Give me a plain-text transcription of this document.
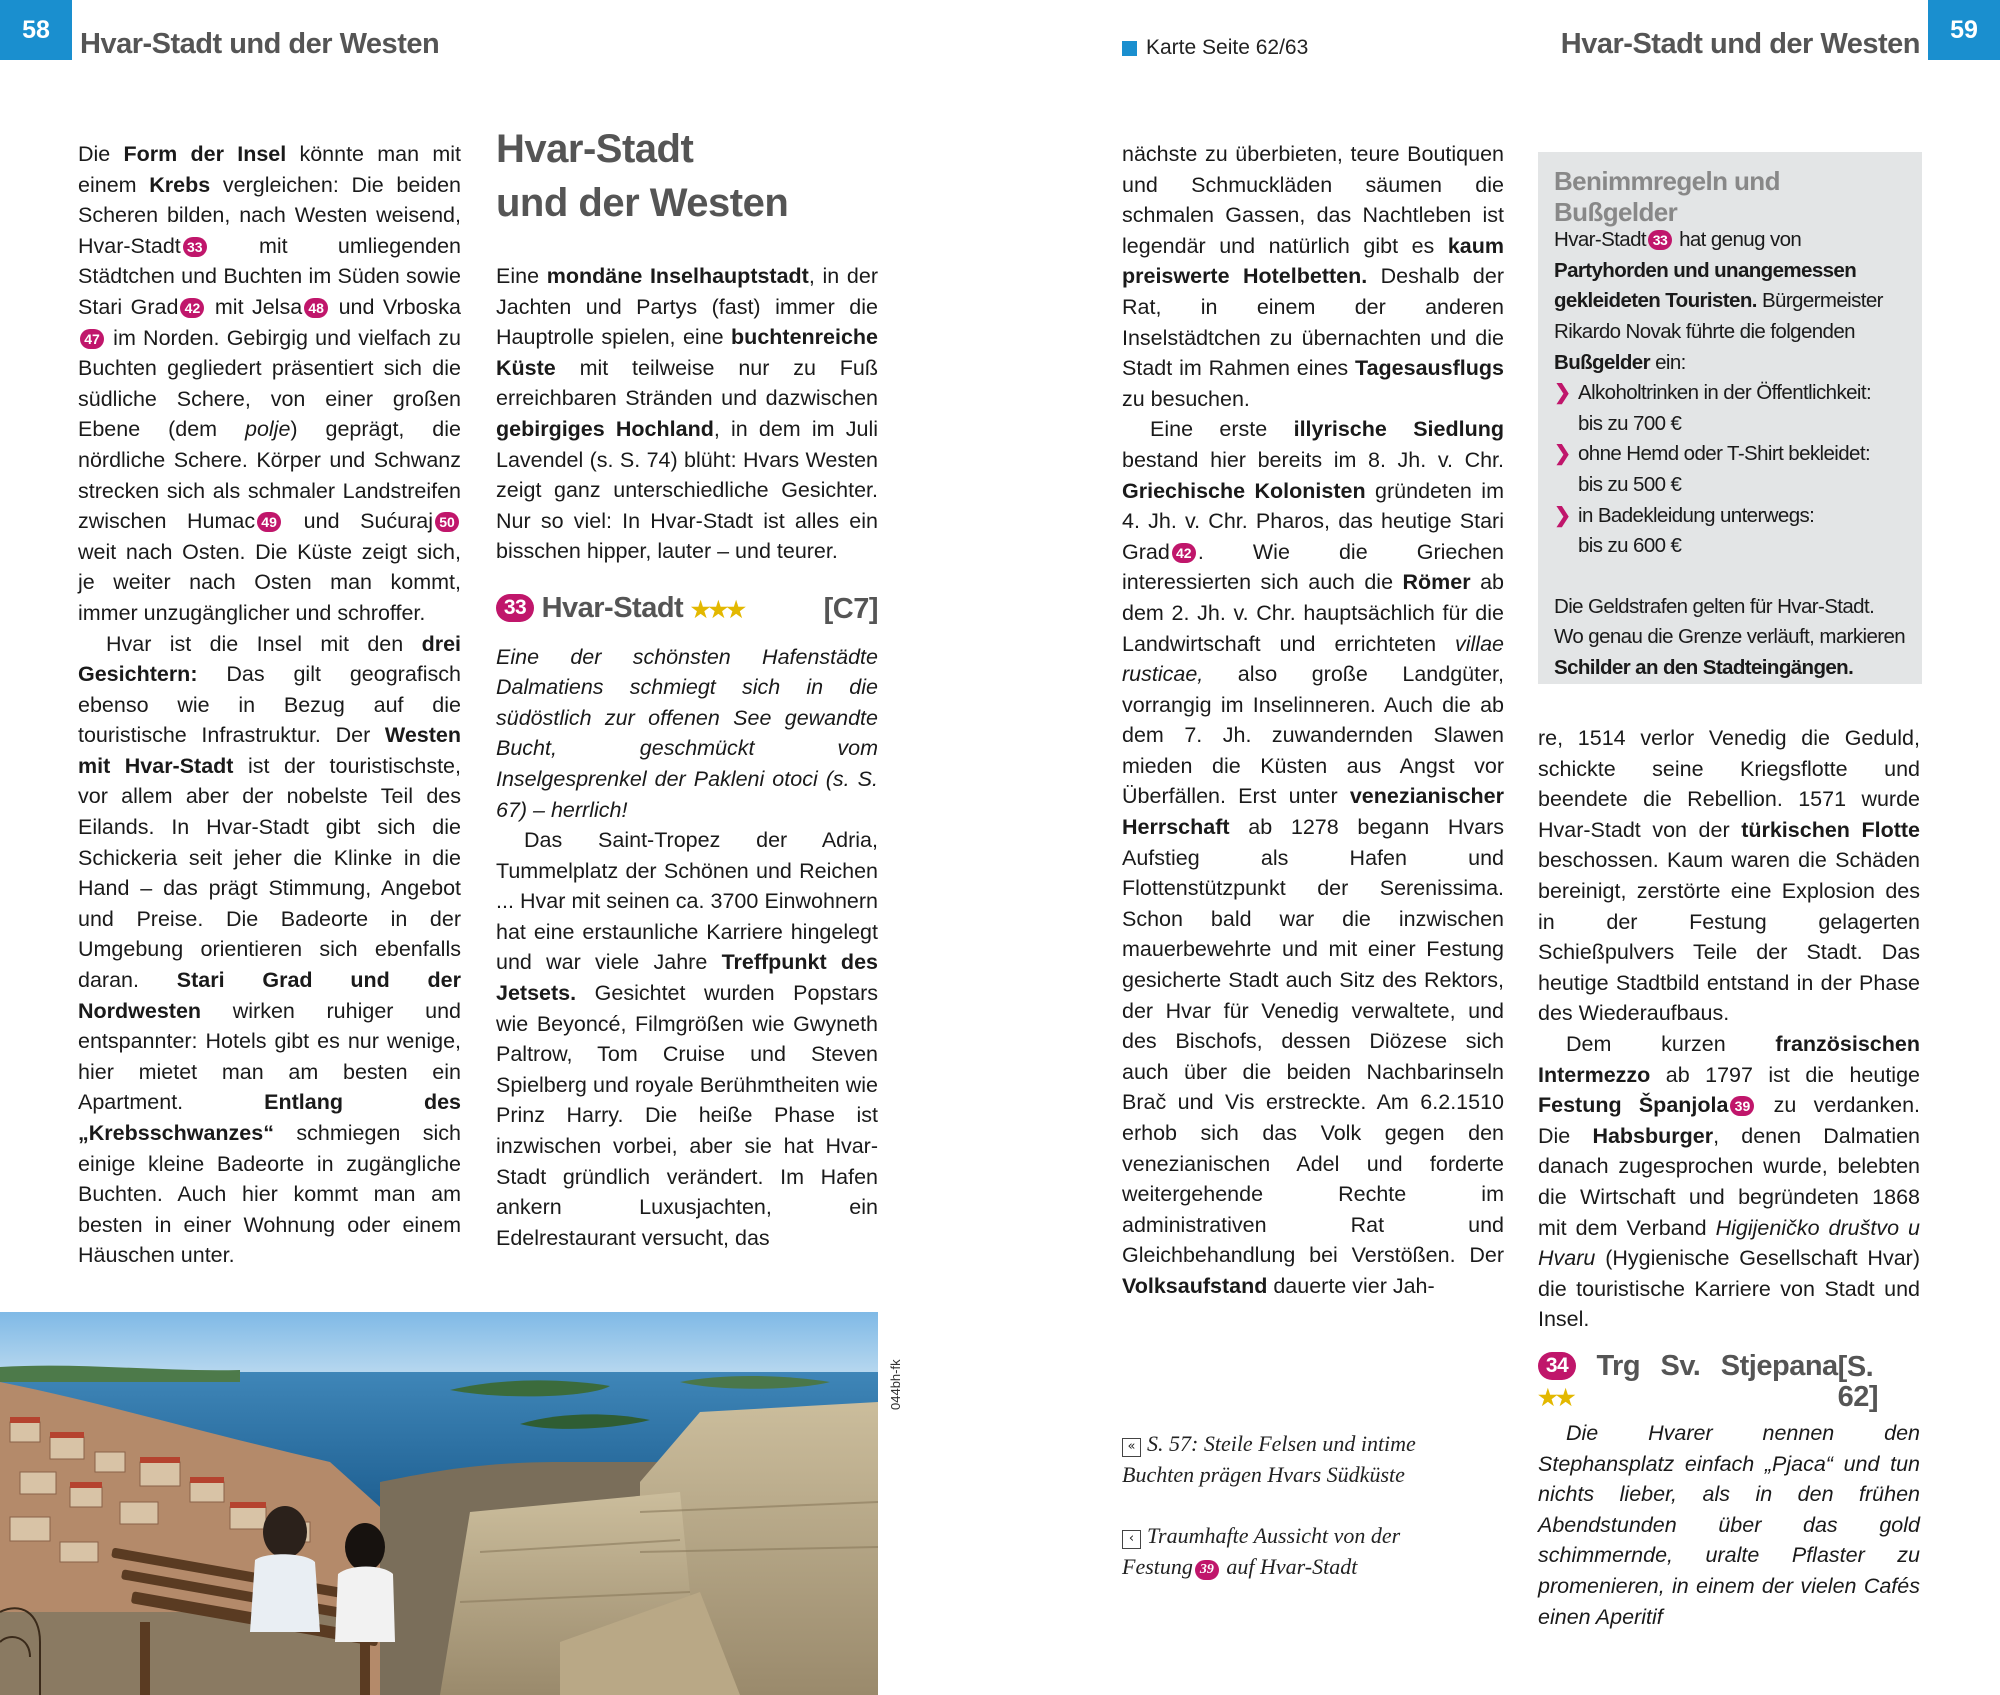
58	Hvar-Stadt und der Westen	Karte Seite 62/63	Hvar-Stadt und der Westen	59

Die Form der Insel könnte man mit einem Krebs vergleichen: Die beiden Scheren bilden, nach Westen weisend, Hvar-Stadt 33 mit umliegenden Städtchen und Buchten im Süden sowie Stari Grad 42 mit Jelsa 48 und Vrboska47 im Norden. Gebirgig und vielfach zu Buchten gegliedert präsentiert sich die südliche Schere, von einer großen Ebene (dem polje) geprägt, die nördliche Schere. Körper und Schwanz strecken sich als schmaler Landstreifen zwischen Humac 49 und Sućuraj 50 weit nach Osten. Die Küste zeigt sich, je weiter nach Osten man kommt, immer unzugänglicher und schroffer.

Hvar ist die Insel mit den drei Gesichtern: Das gilt geografisch ebenso wie in Bezug auf die touristische Infrastruktur. Der Westen mit Hvar-Stadt ist der touristischste, vor allem aber der nobelste Teil des Eilands. In Hvar-Stadt gibt sich die Schickeria seit jeher die Klinke in die Hand – das prägt Stimmung, Angebot und Preise. Die Badeorte in der Umgebung orientieren sich ebenfalls daran. Stari Grad und der Nordwesten wirken ruhiger und entspannter: Hotels gibt es nur wenige, hier mietet man am besten ein Apartment. Entlang des „Krebsschwanzes“ schmiegen sich einige kleine Badeorte in zugängliche Buchten. Auch hier kommt man am besten in einer Wohnung oder einem Häuschen unter.

Hvar-Stadt
und der Westen

Eine mondäne Inselhauptstadt, in der Jachten und Partys (fast) immer die Hauptrolle spielen, eine buchtenreiche Küste mit teilweise nur zu Fuß erreichbaren Stränden und dazwischen gebirgiges Hochland, in dem im Juli Lavendel (s. S. 74) blüht: Hvars Westen zeigt ganz unterschiedliche Gesichter. Nur so viel: In Hvar-Stadt ist alles ein bisschen hipper, lauter – und teurer.

33 Hvar-Stadt ★★★	[C7]

Eine der schönsten Hafenstädte Dalmatiens schmiegt sich in die südöstlich zur offenen See gewandte Bucht, geschmückt vom Inselgesprenkel der Pakleni otoci (s. S. 67) – herrlich!

Das Saint-Tropez der Adria, Tummelplatz der Schönen und Reichen ... Hvar mit seinen ca. 3700 Einwohnern hat eine erstaunliche Karriere hingelegt und war viele Jahre Treffpunkt des Jetsets. Gesichtet wurden Popstars wie Beyoncé, Filmgrößen wie Gwyneth Paltrow, Tom Cruise und Steven Spielberg und royale Berühmtheiten wie Prinz Harry. Die heiße Phase ist inzwischen vorbei, aber sie hat Hvar-Stadt gründlich verändert. Im Hafen ankern Luxusjachten, ein Edelrestaurant versucht, das

044bh-fk

nächste zu überbieten, teure Boutiquen und Schmuckläden säumen die schmalen Gassen, das Nachtleben ist legendär und natürlich gibt es kaum preiswerte Hotelbetten. Deshalb der Rat, in einem der anderen Inselstädtchen zu übernachten und die Stadt im Rahmen eines Tagesausflugs zu besuchen.

Eine erste illyrische Siedlung bestand hier bereits im 8. Jh. v. Chr. Griechische Kolonisten gründeten im 4. Jh. v. Chr. Pharos, das heutige Stari Grad 42 . Wie die Griechen interessierten sich auch die Römer ab dem 2. Jh. v. Chr. hauptsächlich für die Landwirtschaft und errichteten villae rusticae, also große Landgüter, vorrangig im Inselinneren. Auch die ab dem 7. Jh. zuwandernden Slawen mieden die Küsten aus Angst vor Überfällen. Erst unter venezianischer Herrschaft ab 1278 begann Hvars Aufstieg als Hafen und Flottenstützpunkt der Serenissima. Schon bald war die inzwischen mauerbewehrte und mit einer Festung gesicherte Stadt auch Sitz des Rektors, der Hvar für Venedig verwaltete, und des Bischofs, dessen Diözese sich auch über die beiden Nachbarinseln Brač und Vis erstreckte. Am 6.2.1510 erhob sich das Volk gegen den venezianischen Adel und forderte weitergehende Rechte im administrativen Rat und Gleichbehandlung bei Verstößen. Der Volksaufstand dauerte vier Jah-

« S. 57: Steile Felsen und intime Buchten prägen Hvars Südküste
‹ Traumhafte Aussicht von der Festung 39 auf Hvar-Stadt
Benimmregeln und Bußgelder
Hvar-Stadt 33 hat genug von Partyhorden und unangemessen gekleideten Touristen. Bürgermeister Rikardo Novak führte die folgenden Bußgelder ein:
❯ Alkoholtrinken in der Öffentlichkeit:
bis zu 700 €
❯ ohne Hemd oder T-Shirt bekleidet:
bis zu 500 €
❯ in Badekleidung unterwegs:
bis zu 600 €
Die Geldstrafen gelten für Hvar-Stadt. Wo genau die Grenze verläuft, markieren Schilder an den Stadteingängen.

re, 1514 verlor Venedig die Geduld, schickte seine Kriegsflotte und beendete die Rebellion. 1571 wurde Hvar-Stadt von der türkischen Flotte beschossen. Kaum waren die Schäden bereinigt, zerstörte eine Explosion des in der Festung gelagerten Schießpulvers Teile der Stadt. Das heutige Stadtbild entstand in der Phase des Wiederaufbaus.

Dem kurzen französischen Intermezzo ab 1797 ist die heutige Festung Španjola 39 zu verdanken. Die Habsburger, denen Dalmatien danach zugesprochen wurde, belebten die Wirtschaft und begründeten 1868 mit dem Verband Higijeničko društvo u Hvaru (Hygienische Gesellschaft Hvar) die touristische Karriere von Stadt und Insel.

34 Trg Sv. Stjepana ★★
[S. 62]

Die Hvarer nennen den Stephansplatz einfach „Pjaca“ und tun nichts lieber, als in den frühen Abendstunden über das gold schimmernde, uralte Pflaster zu promenieren, in einem der vielen Cafés einen Aperitif
